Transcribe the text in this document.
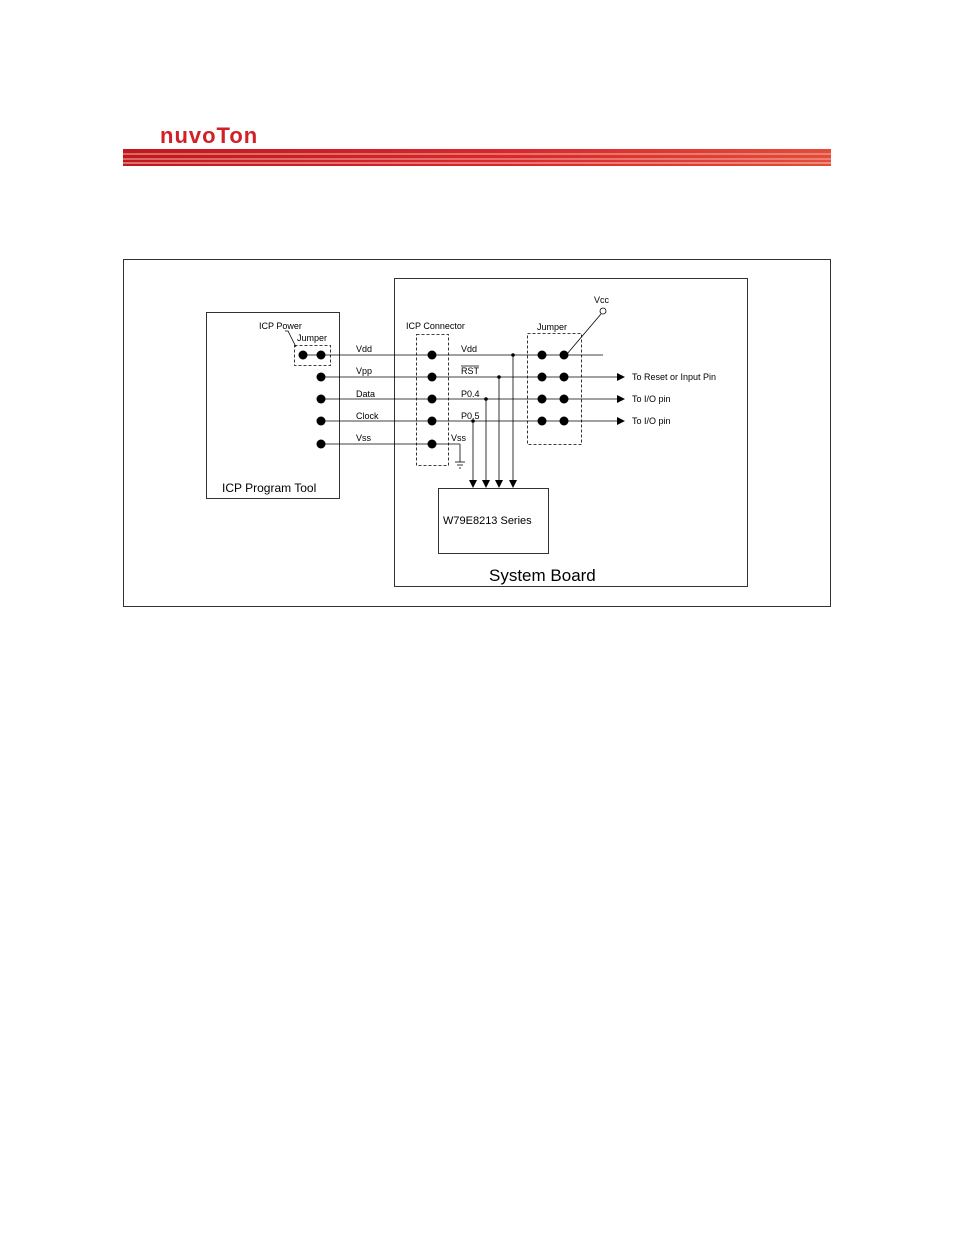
nuvoTon
System Board
ICP Program Tool
ICP Power
Jumper
ICP Connector	Jumper
Vcc
To Reset or Input Pin
To I/O pin
To I/O pin
Vdd
Vpp
Data
Clock
Vss
Vdd
RST
P0.4
P0.5
Vss
W79E8213 Series
